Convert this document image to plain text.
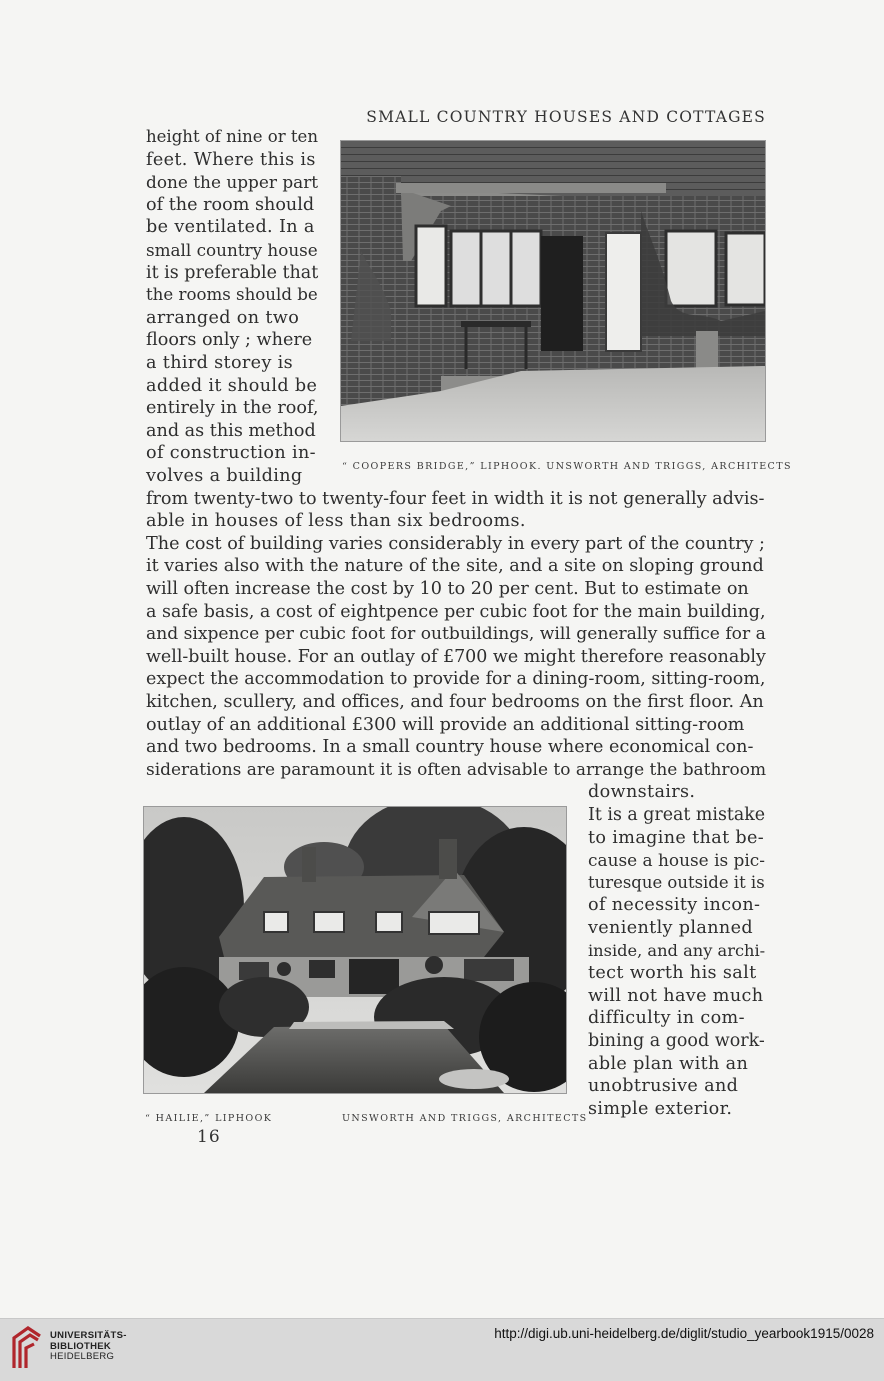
SMALL COUNTRY HOUSES AND COTTAGES
height of nine or ten
feet. Where this is
done the upper part
of the room should
be ventilated. In a
small country house
it is preferable that
the rooms should be
arranged on two
floors only ; where
a third storey is
added it should be
entirely in the roof,
and as this method
of construction in-
volves a building
from twenty-two to twenty-four feet in width it is not generally advis-
able in houses of less than six bedrooms.
The cost of building varies considerably in every part of the country ;
it varies also with the nature of the site, and a site on sloping ground
will often increase the cost by 10 to 20 per cent. But to estimate on
a safe basis, a cost of eightpence per cubic foot for the main building,
and sixpence per cubic foot for outbuildings, will generally suffice for a
well-built house. For an outlay of £700 we might therefore reasonably
expect the accommodation to provide for a dining-room, sitting-room,
kitchen, scullery, and offices, and four bedrooms on the first floor. An
outlay of an additional £300 will provide an additional sitting-room
and two bedrooms. In a small country house where economical con-
siderations are paramount it is often advisable to arrange the bathroom
downstairs.
It is a great mistake
to imagine that be-
cause a house is pic-
turesque outside it is
of necessity incon-
veniently planned
inside, and any archi-
tect worth his salt
will not have much
difficulty in com-
bining a good work-
able plan with an
unobtrusive and
simple exterior.
“ COOPERS BRIDGE,” LIPHOOK. UNSWORTH AND TRIGGS, ARCHITECTS
“ HAILIE,” LIPHOOK	UNSWORTH AND TRIGGS, ARCHITECTS
16
UNIVERSITÄTS-
BIBLIOTHEK
HEIDELBERG
http://digi.ub.uni-heidelberg.de/diglit/studio_yearbook1915/0028
